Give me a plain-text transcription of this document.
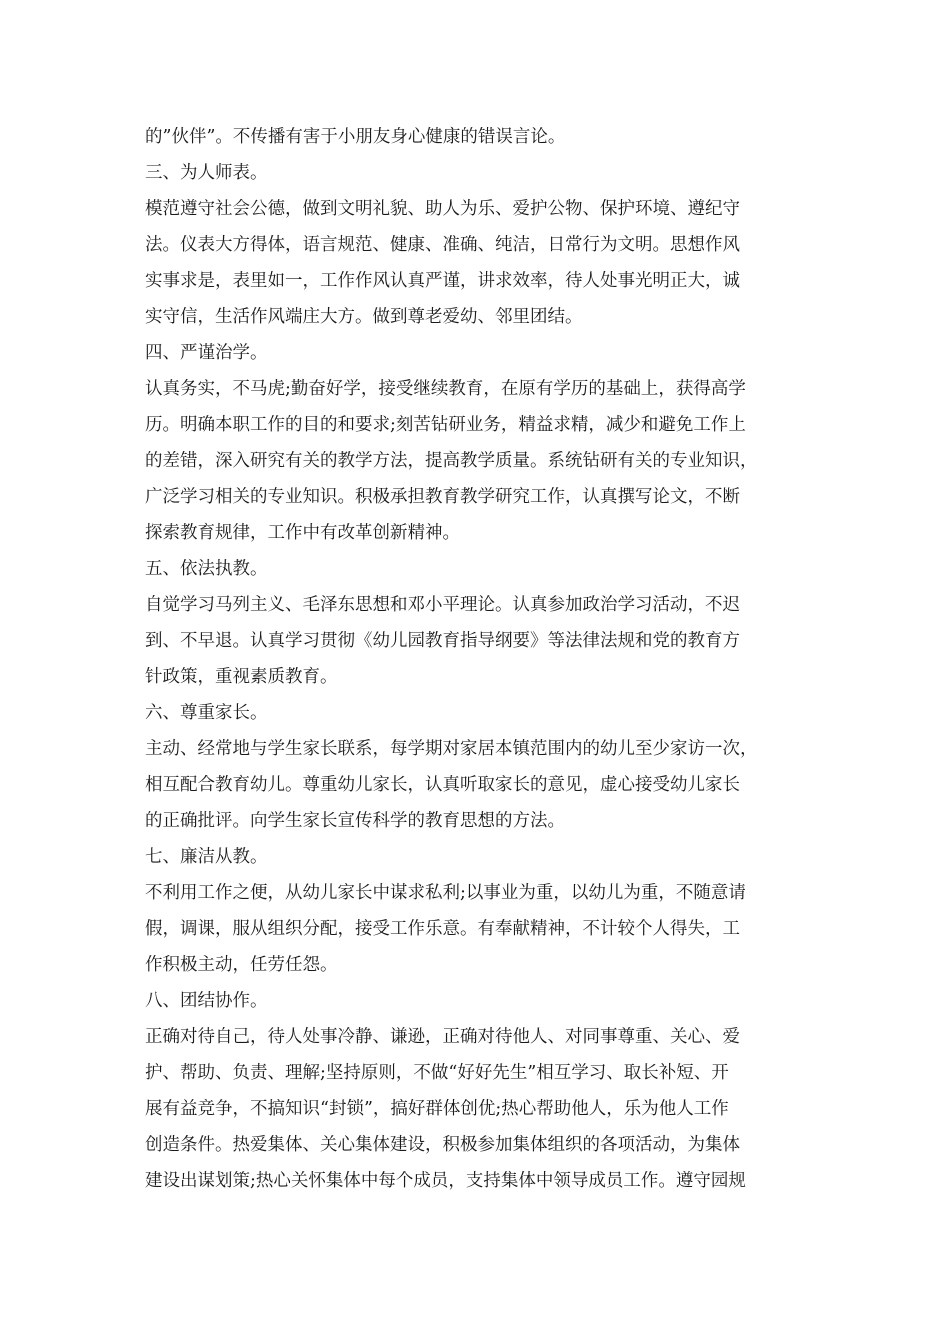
的”伙伴”。不传播有害于小朋友身心健康的错误言论。
三、为人师表。
模范遵守社会公德，做到文明礼貌、助人为乐、爱护公物、保护环境、遵纪守
法。仪表大方得体，语言规范、健康、准确、纯洁，日常行为文明。思想作风
实事求是，表里如一，工作作风认真严谨，讲求效率，待人处事光明正大，诚
实守信，生活作风端庄大方。做到尊老爱幼、邻里团结。
四、严谨治学。
认真务实，不马虎;勤奋好学，接受继续教育，在原有学历的基础上，获得高学
历。明确本职工作的目的和要求;刻苦钻研业务，精益求精，减少和避免工作上
的差错，深入研究有关的教学方法，提高教学质量。系统钻研有关的专业知识，
广泛学习相关的专业知识。积极承担教育教学研究工作，认真撰写论文，不断
探索教育规律，工作中有改革创新精神。
五、依法执教。
自觉学习马列主义、毛泽东思想和邓小平理论。认真参加政治学习活动，不迟
到、不早退。认真学习贯彻《幼儿园教育指导纲要》等法律法规和党的教育方
针政策，重视素质教育。
六、尊重家长。
主动、经常地与学生家长联系，每学期对家居本镇范围内的幼儿至少家访一次，
相互配合教育幼儿。尊重幼儿家长，认真听取家长的意见，虚心接受幼儿家长
的正确批评。向学生家长宣传科学的教育思想的方法。
七、廉洁从教。
不利用工作之便，从幼儿家长中谋求私利;以事业为重，以幼儿为重，不随意请
假，调课，服从组织分配，接受工作乐意。有奉献精神，不计较个人得失，工
作积极主动，任劳任怨。
八、团结协作。
正确对待自己，待人处事冷静、谦逊，正确对待他人、对同事尊重、关心、爱
护、帮助、负责、理解;坚持原则，不做“好好先生”相互学习、取长补短、开
展有益竞争，不搞知识“封锁”，搞好群体创优;热心帮助他人，乐为他人工作
创造条件。热爱集体、关心集体建设，积极参加集体组织的各项活动，为集体
建设出谋划策;热心关怀集体中每个成员，支持集体中领导成员工作。遵守园规
